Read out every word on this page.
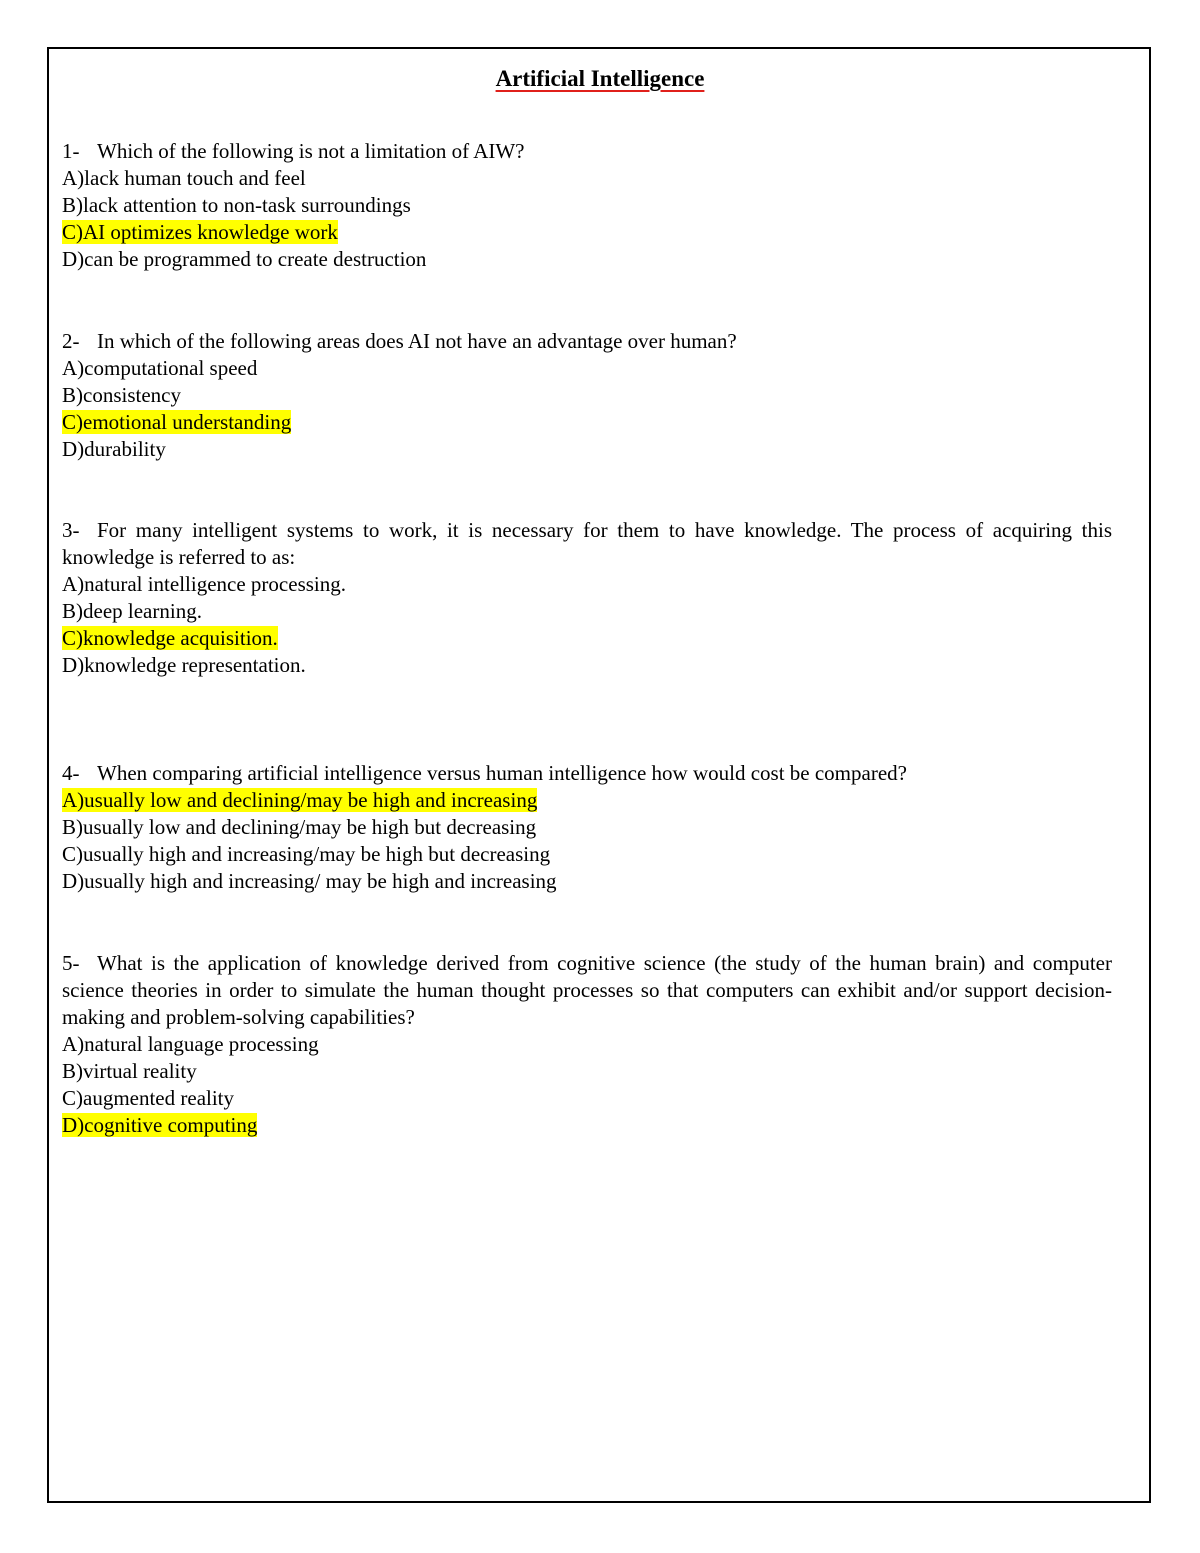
Artificial Intelligence
1- Which of the following is not a limitation of AIW?
A)lack human touch and feel
B)lack attention to non-task surroundings
C)AI optimizes knowledge work
D)can be programmed to create destruction
2- In which of the following areas does AI not have an advantage over human?
A)computational speed
B)consistency
C)emotional understanding
D)durability
3- For many intelligent systems to work, it is necessary for them to have knowledge. The process of acquiring this knowledge is referred to as:
A)natural intelligence processing.
B)deep learning.
C)knowledge acquisition.
D)knowledge representation.
4- When comparing artificial intelligence versus human intelligence how would cost be compared?
A)usually low and declining/may be high and increasing
B)usually low and declining/may be high but decreasing
C)usually high and increasing/may be high but decreasing
D)usually high and increasing/ may be high and increasing
5- What is the application of knowledge derived from cognitive science (the study of the human brain) and computer science theories in order to simulate the human thought processes so that computers can exhibit and/or support decision-making and problem-solving capabilities?
A)natural language processing
B)virtual reality
C)augmented reality
D)cognitive computing
